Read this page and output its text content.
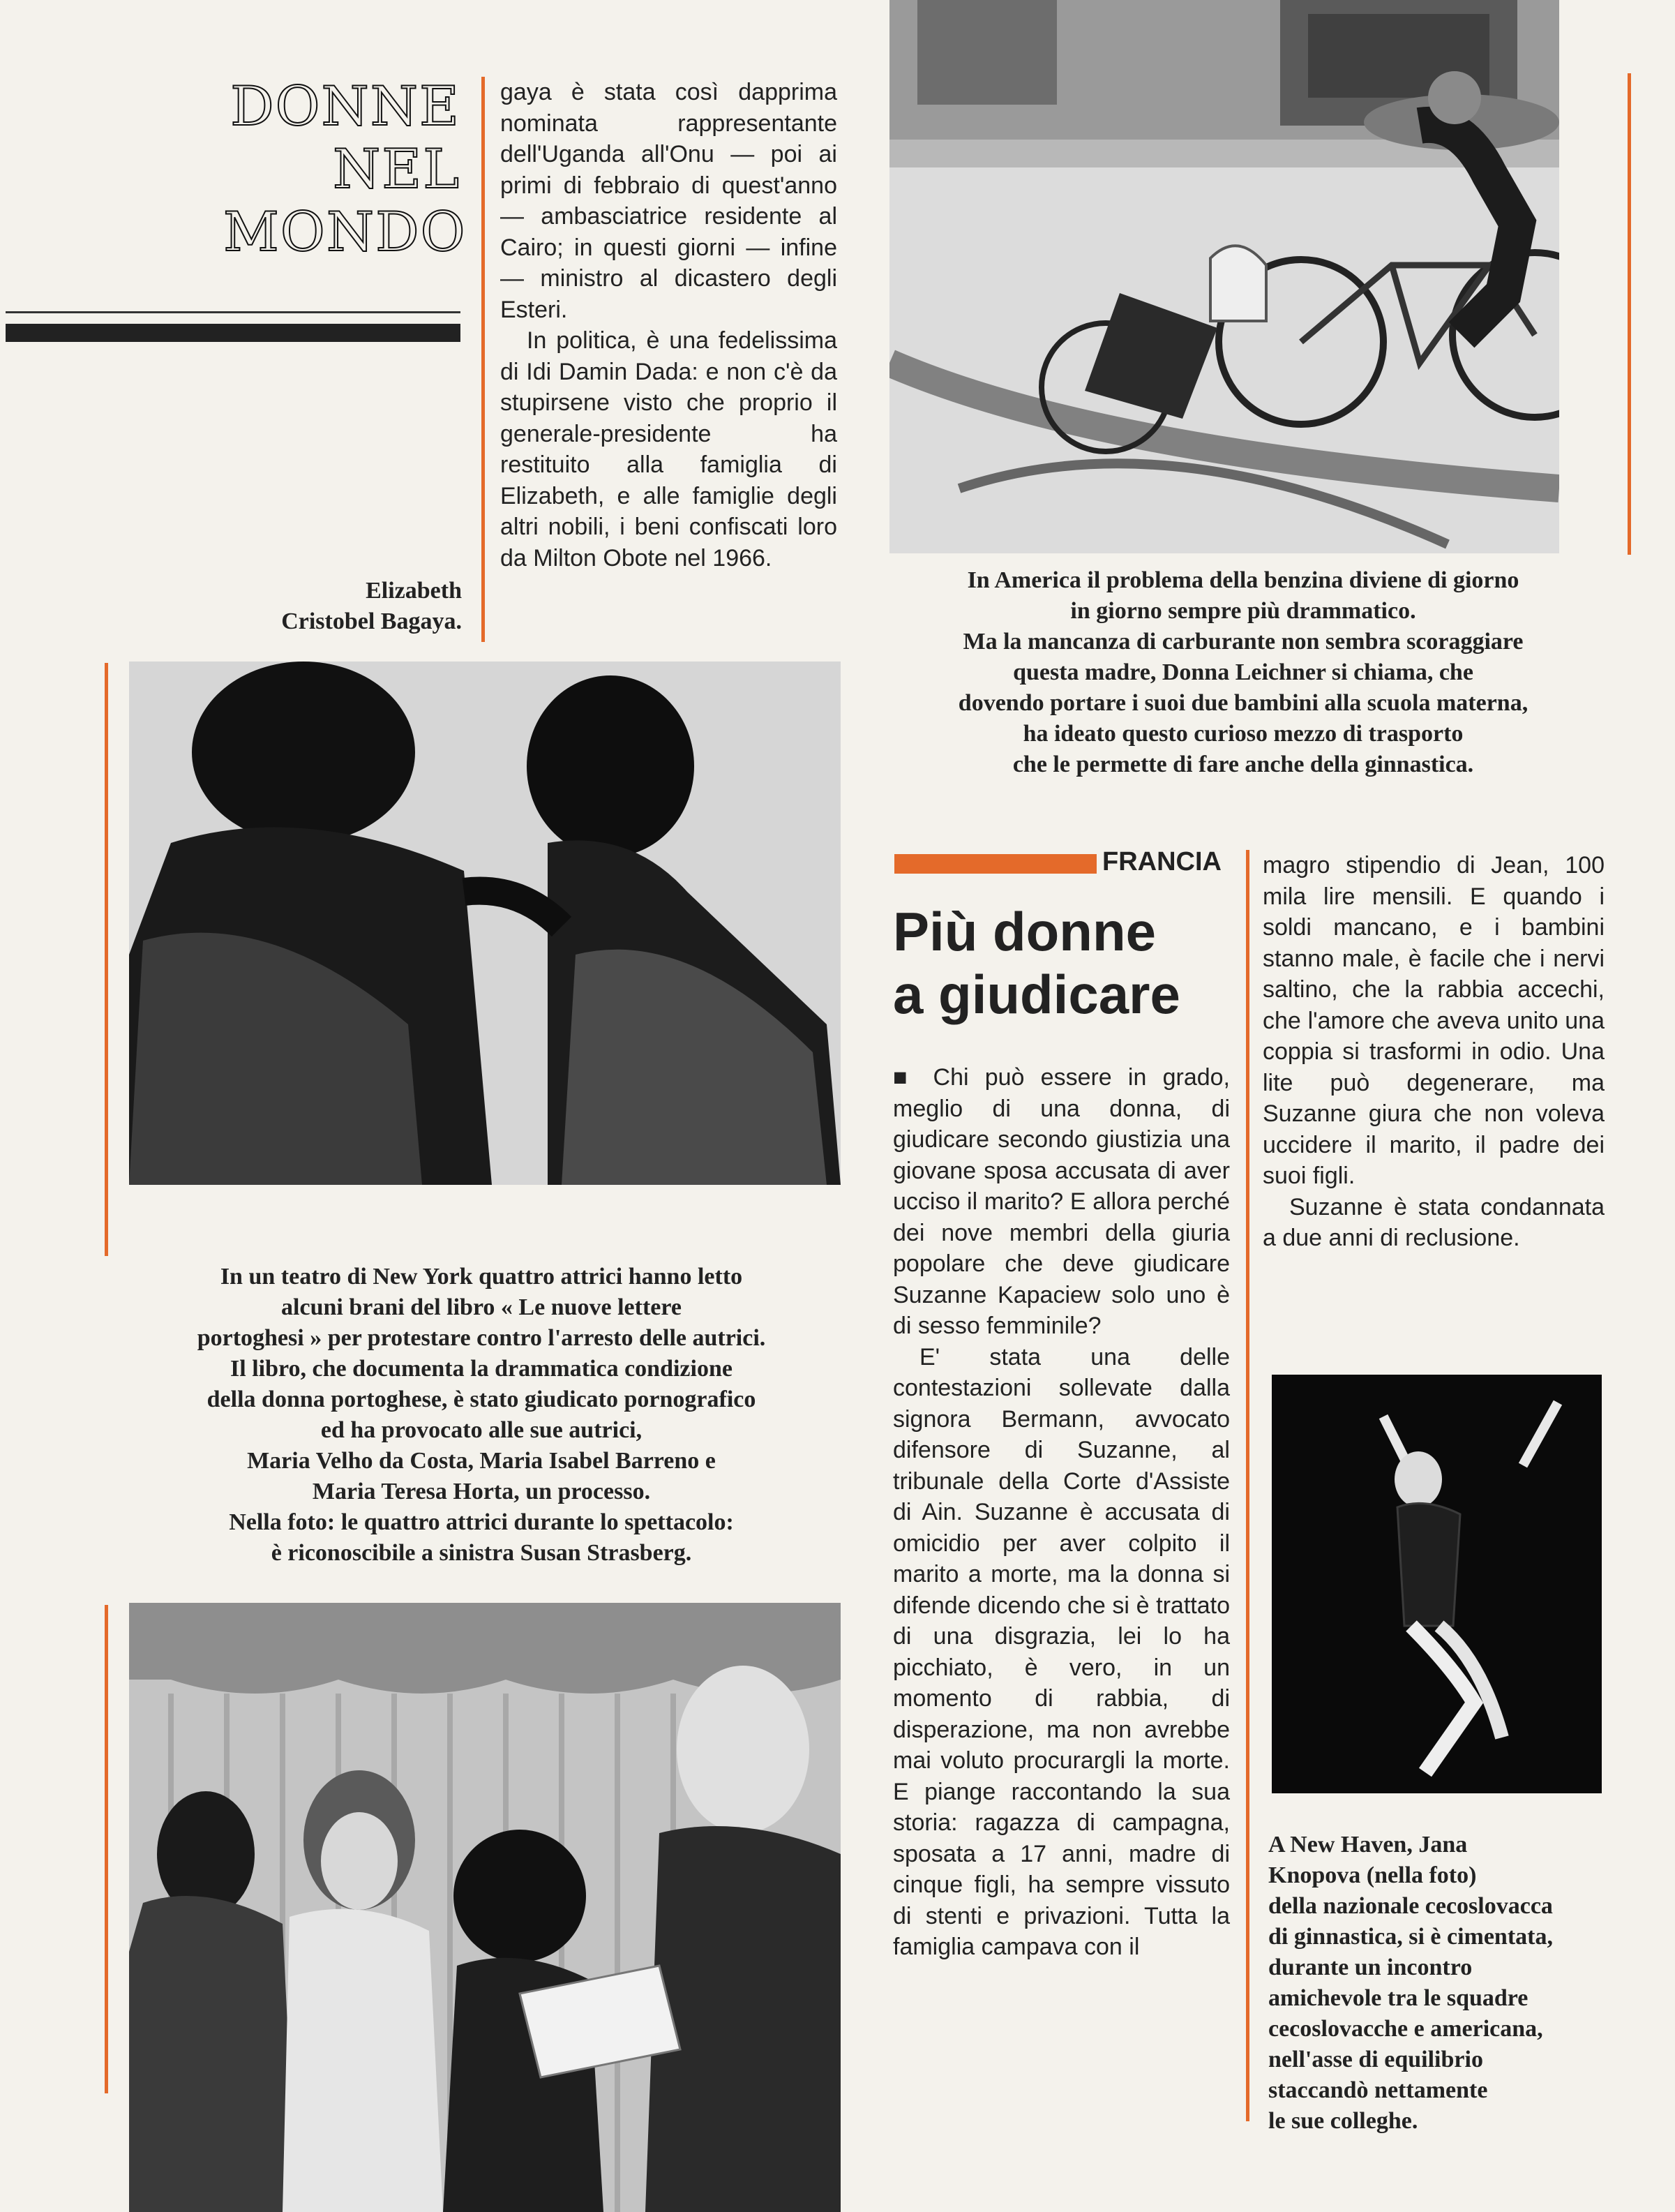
DONNE
NEL
MONDO
Elizabeth
Cristobel Bagaya.

gaya è stata così dapprima nominata rappresentante dell'Uganda all'Onu — poi ai primi di febbraio di quest'anno — ambasciatrice residente al Cairo; in questi giorni — infine — ministro al dicastero degli Esteri.

In politica, è una fedelissima di Idi Damin Dada: e non c'è da stupirsene visto che proprio il generale-presidente ha restituito alla famiglia di Elizabeth, e alle famiglie degli altri nobili, i beni confiscati loro da Milton Obote nel 1966.

In America il problema della benzina diviene di giorno
in giorno sempre più drammatico.
Ma la mancanza di carburante non sembra scoraggiare
questa madre, Donna Leichner si chiama, che
dovendo portare i suoi due bambini alla scuola materna,
ha ideato questo curioso mezzo di trasporto
che le permette di fare anche della ginnastica.
In un teatro di New York quattro attrici hanno letto
alcuni brani del libro « Le nuove lettere
portoghesi » per protestare contro l'arresto delle autrici.
Il libro, che documenta la drammatica condizione
della donna portoghese, è stato giudicato pornografico
ed ha provocato alle sue autrici,
Maria Velho da Costa, Maria Isabel Barreno e
Maria Teresa Horta, un processo.
Nella foto: le quattro attrici durante lo spettacolo:
è riconoscibile a sinistra Susan Strasberg.
FRANCIA
Più donne
a giudicare

■ Chi può essere in grado, meglio di una donna, di giudicare secondo giustizia una giovane sposa accusata di aver ucciso il marito? E allora perché dei nove membri della giuria popolare che deve giudicare Suzanne Kapaciew solo uno è di sesso femminile?

E' stata una delle contestazioni sollevate dalla signora Bermann, avvocato difensore di Suzanne, al tribunale della Corte d'Assiste di Ain. Suzanne è accusata di omicidio per aver colpito il marito a morte, ma la donna si difende dicendo che si è trattato di una disgrazia, lei lo ha picchiato, è vero, in un momento di rabbia, di disperazione, ma non avrebbe mai voluto procurargli la morte. E piange raccontando la sua storia: ragazza di campagna, sposata a 17 anni, madre di cinque figli, ha sempre vissuto di stenti e privazioni. Tutta la famiglia campava con il

magro stipendio di Jean, 100 mila lire mensili. E quando i soldi mancano, e i bambini stanno male, è facile che i nervi saltino, che la rabbia accechi, che l'amore che aveva unito una coppia si trasformi in odio. Una lite può degenerare, ma Suzanne giura che non voleva uccidere il marito, il padre dei suoi figli.

Suzanne è stata condannata a due anni di reclusione.

A New Haven, Jana
Knopova (nella foto)
della nazionale cecoslovacca
di ginnastica, si è cimentata,
durante un incontro
amichevole tra le squadre
cecoslovacche e americana,
nell'asse di equilibrio
staccandò nettamente
le sue colleghe.
